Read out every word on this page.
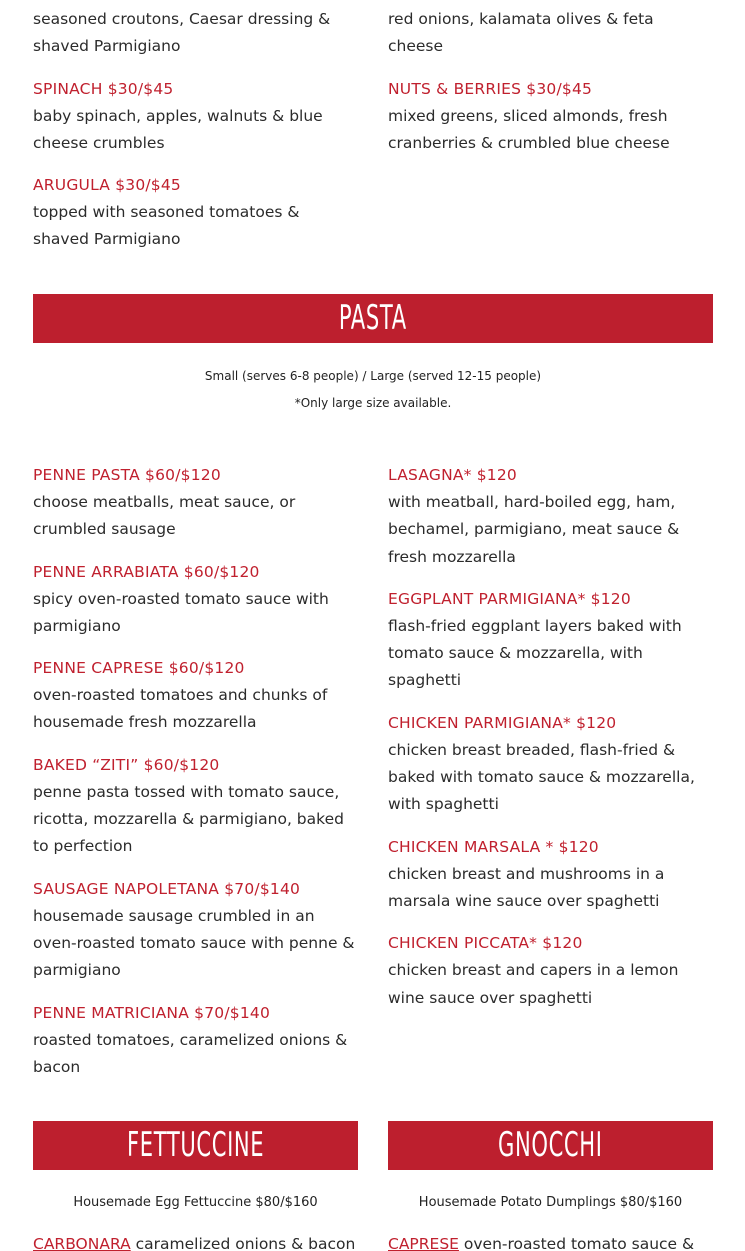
seasoned croutons, Caesar dressing & shaved Parmigiano
SPINACH $30/$45
baby spinach, apples, walnuts & blue cheese crumbles
ARUGULA $30/$45
topped with seasoned tomatoes & shaved Parmigiano
red onions, kalamata olives & feta cheese
NUTS & BERRIES $30/$45
mixed greens, sliced almonds, fresh cranberries & crumbled blue cheese
PASTA
Small (serves 6-8 people) / Large (served 12-15 people)
*Only large size available.
PENNE PASTA $60/$120
choose meatballs, meat sauce, or crumbled sausage
PENNE ARRABIATA $60/$120
spicy oven-roasted tomato sauce with parmigiano
PENNE CAPRESE $60/$120
oven-roasted tomatoes and chunks of housemade fresh mozzarella
BAKED “ZITI” $60/$120
penne pasta tossed with tomato sauce, ricotta, mozzarella & parmigiano, baked to perfection
SAUSAGE NAPOLETANA $70/$140
housemade sausage crumbled in an oven-roasted tomato sauce with penne & parmigiano
PENNE MATRICIANA $70/$140
roasted tomatoes, caramelized onions & bacon
LASAGNA* $120
with meatball, hard-boiled egg, ham, bechamel, parmigiano, meat sauce & fresh mozzarella
EGGPLANT PARMIGIANA* $120
flash-fried eggplant layers baked with tomato sauce & mozzarella, with spaghetti
CHICKEN PARMIGIANA* $120
chicken breast breaded, flash-fried & baked with tomato sauce & mozzarella, with spaghetti
CHICKEN MARSALA * $120
chicken breast and mushrooms in a marsala wine sauce over spaghetti
CHICKEN PICCATA* $120
chicken breast and capers in a lemon wine sauce over spaghetti
FETTUCCINE	GNOCCHI
Housemade Egg Fettuccine $80/$160	Housemade Potato Dumplings $80/$160
CARBONARA caramelized onions & bacon	CAPRESE oven-roasted tomato sauce &
